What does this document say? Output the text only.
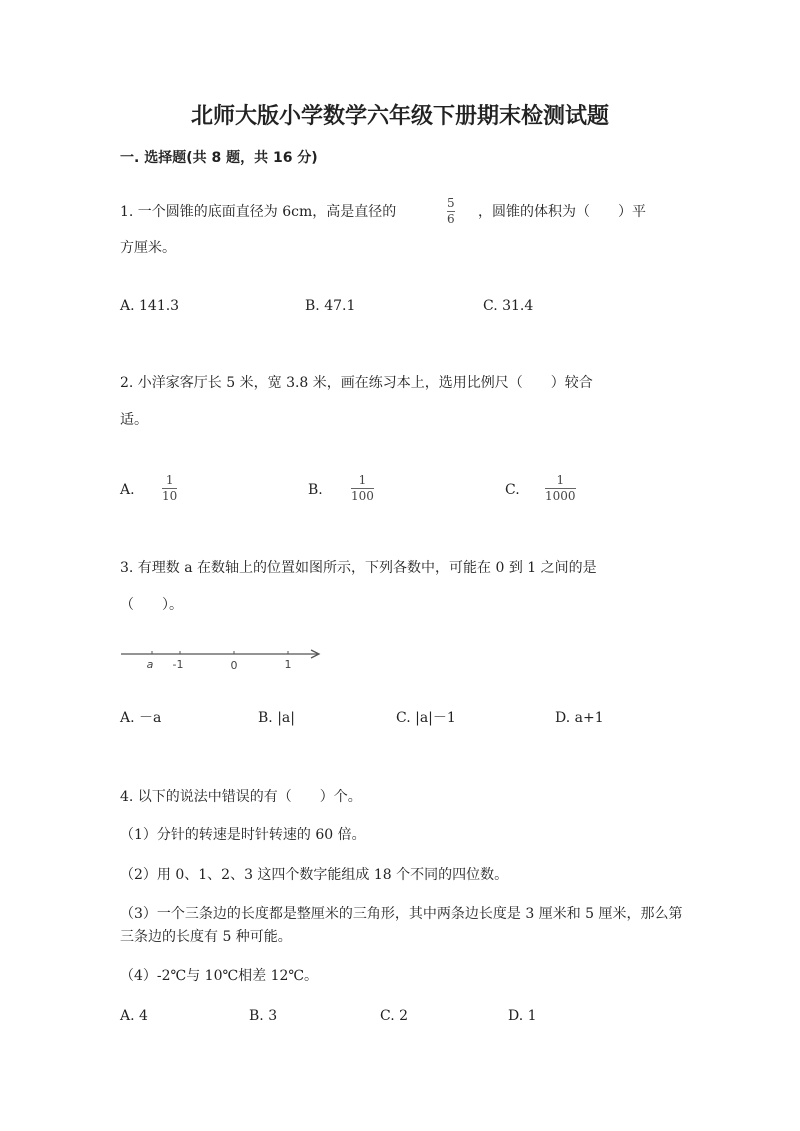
北师大版小学数学六年级下册期末检测试题
一. 选择题(共 8 题，共 16 分)
1. 一个圆锥的底面直径为 6cm，高是直径的
5
6 ，圆锥的体积为（　　）平
方厘米。
A. 141.3	B. 47.1	C. 31.4
2. 小洋家客厅长 5 米，宽 3.8 米，画在练习本上，选用比例尺（　　）较合
适。
A.
1
10	B.
1
100	C.
1
1000
3. 有理数 a 在数轴上的位置如图所示，下列各数中，可能在 0 到 1 之间的是
（　　）。
a -1	0	1
A. －a	B. |a|	C. |a|－1	D. a+1
4. 以下的说法中错误的有（　　）个。
（1）分针的转速是时针转速的 60 倍。
（2）用 0、1、2、3 这四个数字能组成 18 个不同的四位数。
（3）一个三条边的长度都是整厘米的三角形，其中两条边长度是 3 厘米和 5 厘米，那么第三条边的长度有 5 种可能。
（4）-2℃与 10℃相差 12℃。
A. 4	B. 3	C. 2	D. 1
